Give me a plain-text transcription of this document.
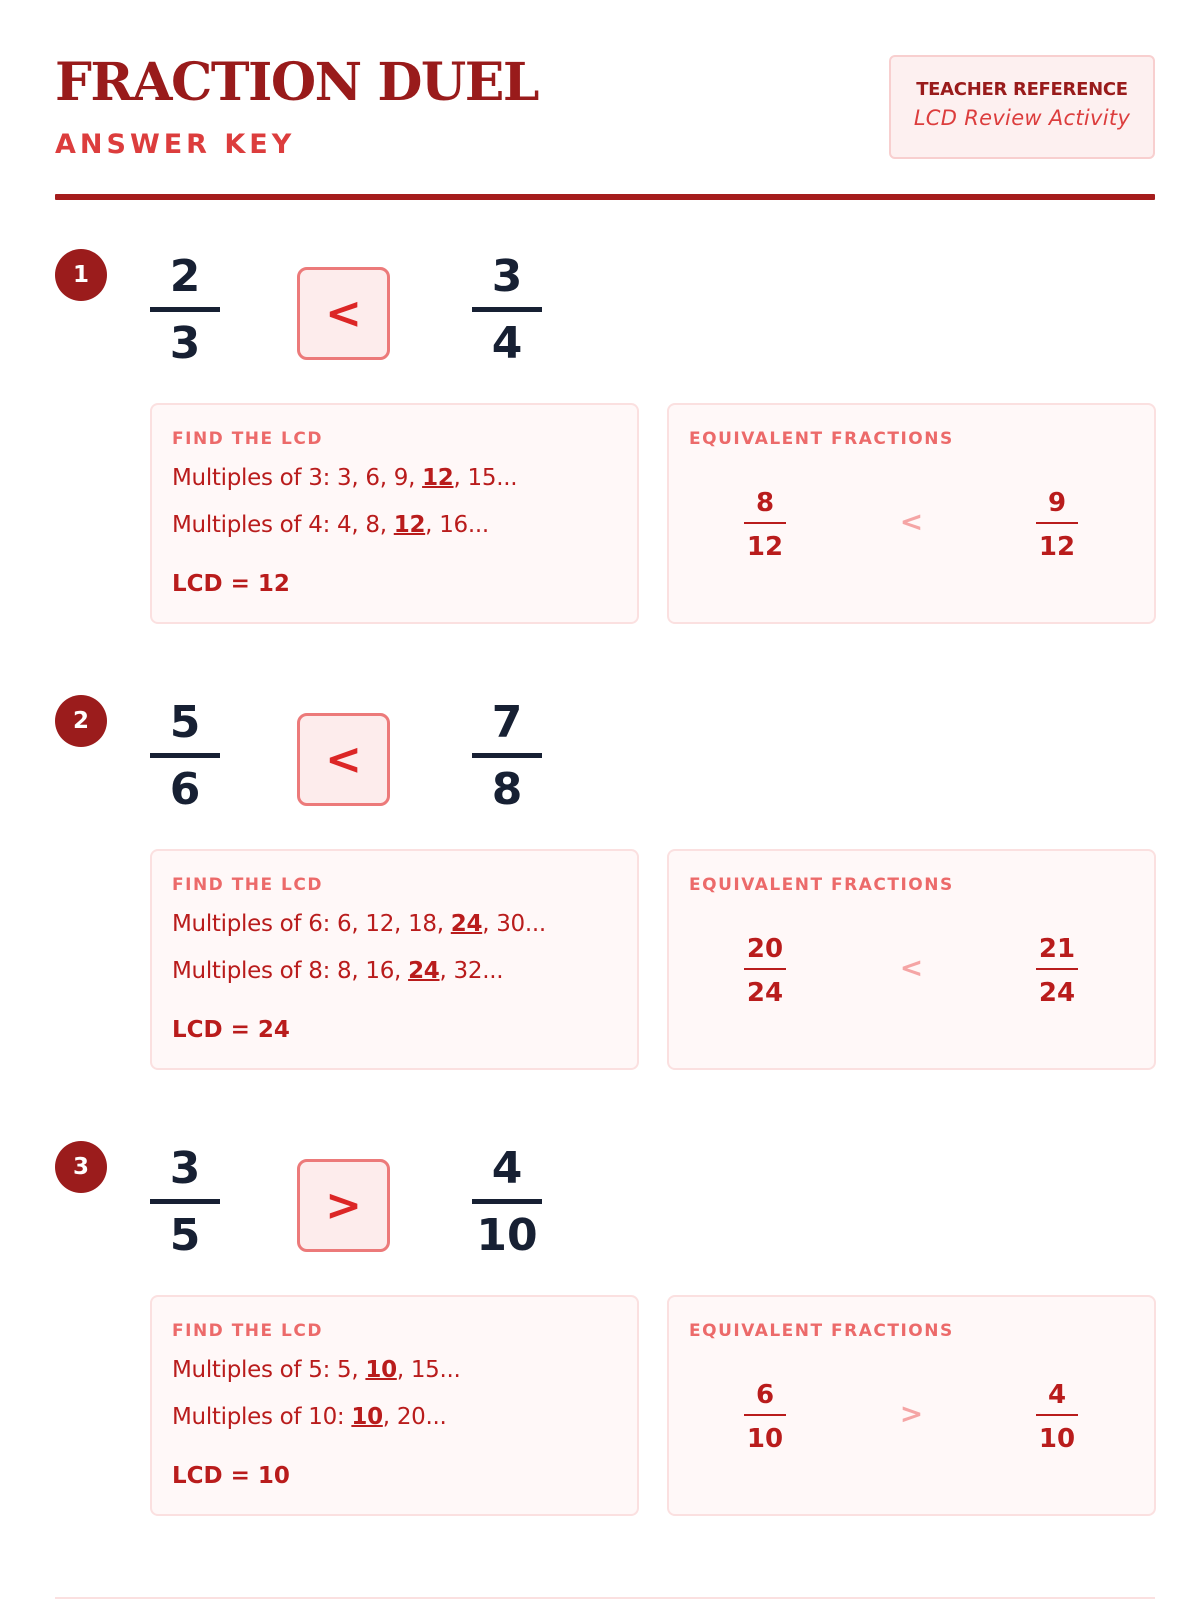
FRACTION DUEL
ANSWER KEY
TEACHER REFERENCE
LCD Review Activity
1	2
3
<
3
4
FIND THE LCD
Multiples of 3: 3, 6, 9, 12, 15...
Multiples of 4: 4, 8, 12, 16...
LCD = 12
EQUIVALENT FRACTIONS
8
12
<
9
12
2	5
6
<
7
8
FIND THE LCD
Multiples of 6: 6, 12, 18, 24, 30...
Multiples of 8: 8, 16, 24, 32...
LCD = 24
EQUIVALENT FRACTIONS
20
24
<
21
24
3	3
5
>
4
10
FIND THE LCD
Multiples of 5: 5, 10, 15...
Multiples of 10: 10, 20...
LCD = 10
EQUIVALENT FRACTIONS
6
10
>
4
10
